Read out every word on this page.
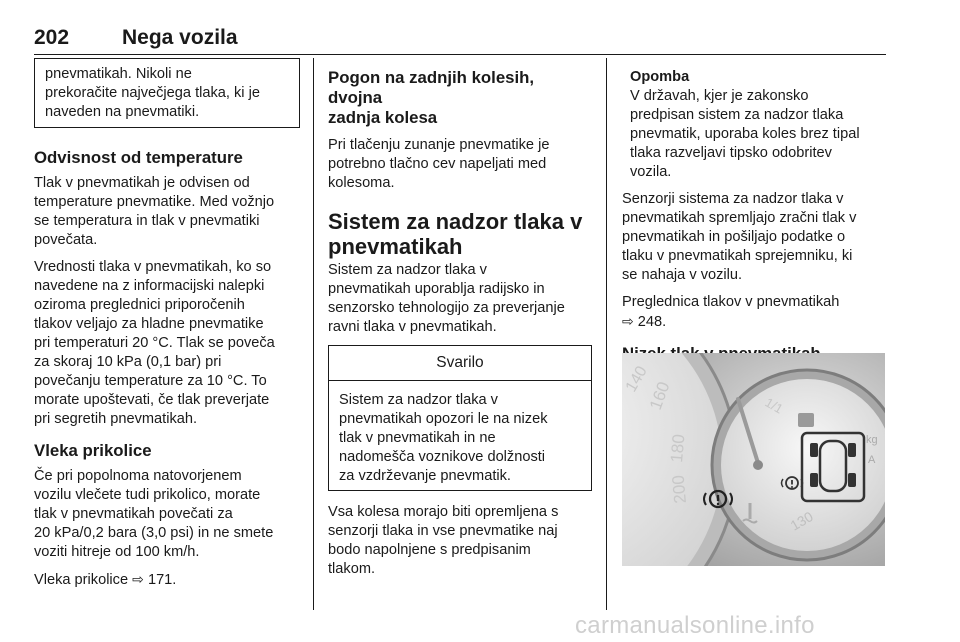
202	Nega vozila
pnevmatikah. Nikoli ne
prekoračite največjega tlaka, ki je
naveden na pnevmatiki.
Odvisnost od temperature

Tlak v pnevmatikah je odvisen od
temperature pnevmatike. Med vožnjo
se temperatura in tlak v pnevmatiki
povečata.

Vrednosti tlaka v pnevmatikah, ko so
navedene na z informacijski nalepki
oziroma preglednici priporočenih
tlakov veljajo za hladne pnevmatike
pri temperaturi 20 °C. Tlak se poveča
za skoraj 10 kPa (0,1 bar) pri
povečanju temperature za 10 °C. To
morate upoštevati, če tlak preverjate
pri segretih pnevmatikah.

Vleka prikolice

Če pri popolnoma natovorjenem
vozilu vlečete tudi prikolico, morate
tlak v pnevmatikah povečati za
20 kPa/0,2 bara (3,0 psi) in ne smete
voziti hitreje od 100 km/h.

Vleka prikolice ⇨ 171.

Pogon na zadnjih kolesih, dvojna
zadnja kolesa

Pri tlačenju zunanje pnevmatike je
potrebno tlačno cev napeljati med
kolesoma.

Sistem za nadzor tlaka v
pnevmatikah

Sistem za nadzor tlaka v
pnevmatikah uporablja radijsko in
senzorsko tehnologijo za preverjanje
ravni tlaka v pnevmatikah.

Svarilo
Sistem za nadzor tlaka v
pnevmatikah opozori le na nizek
tlak v pnevmatikah in ne
nadomešča voznikove dolžnosti
za vzdrževanje pnevmatik.

Vsa kolesa morajo biti opremljena s
senzorji tlaka in vse pnevmatike naj
bodo napolnjene s predpisanim
tlakom.

Opomba
V državah, kjer je zakonsko
predpisan sistem za nadzor tlaka
pnevmatik, uporaba koles brez tipal
tlaka razveljavi tipsko odobritev
vozila.

Senzorji sistema za nadzor tlaka v
pnevmatikah spremljajo zračni tlak v
pnevmatikah in pošiljajo podatke o
tlaku v pnevmatikah sprejemniku, ki
se nahaja v vozilu.

Preglednica tlakov v pnevmatikah
⇨ 248.

140
160
180
200
1/1
kg
A
130
carmanualsonline.info
